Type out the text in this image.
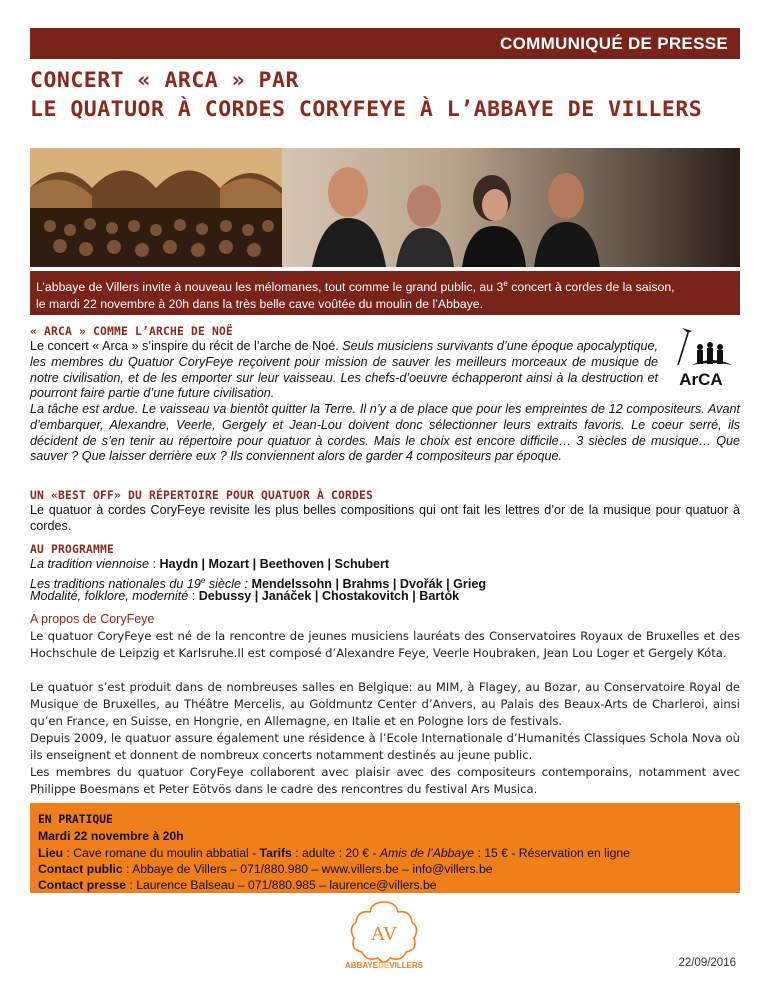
COMMUNIQUÉ DE PRESSE
CONCERT « ARCA » PAR
LE QUATUOR À CORDES CORYFEYE À L’ABBAYE DE VILLERS
L’abbaye de Villers invite à nouveau les mélomanes, tout comme le grand public, au 3e concert à cordes de la saison,
le mardi 22 novembre à 20h dans la très belle cave voûtée du moulin de l’Abbaye.
« ARCA » COMME L’ARCHE DE NOË
Le concert « Arca » s’inspire du récit de l’arche de Noé. Seuls musiciens survivants d’une époque apocalyptique, les membres du Quatuor CoryFeye reçoivent pour mission de sauver les meilleurs morceaux de musique de notre civilisation, et de les emporter sur leur vaisseau. Les chefs-d’oeuvre échapperont ainsi à la destruction et pourront faire partie d’une future civilisation.
La tâche est ardue. Le vaisseau va bientôt quitter la Terre. Il n’y a de place que pour les empreintes de 12 compositeurs. Avant d’embarquer, Alexandre, Veerle, Gergely et Jean-Lou doivent donc sélectionner leurs extraits favoris. Le coeur serré, ils décident de s’en tenir au répertoire pour quatuor à cordes. Mais le choix est encore difficile… 3 siècles de musique… Que sauver ? Que laisser derrière eux ? Ils conviennent alors de garder 4 compositeurs par époque.
ArCA
UN «BEST OFF» DU RÉPERTOIRE POUR QUATUOR À CORDES
Le quatuor à cordes CoryFeye revisite les plus belles compositions qui ont fait les lettres d’or de la musique pour quatuor à cordes.
AU PROGRAMME
La tradition viennoise : Haydn | Mozart | Beethoven | Schubert
Les traditions nationales du 19e siècle : Mendelssohn | Brahms | Dvořák | Grieg
Modalité, folklore, modernité : Debussy | Janáček | Chostakovitch | Bartók
A propos de CoryFeye
Le quatuor CoryFeye est né de la rencontre de jeunes musiciens lauréats des Conservatoires Royaux de Bruxelles et des Hochschule de Leipzig et Karlsruhe.Il est composé d’Alexandre Feye, Veerle Houbraken, Jean Lou Loger et Gergely Kóta.
Le quatuor s’est produit dans de nombreuses salles en Belgique: au MIM, à Flagey, au Bozar, au Conservatoire Royal de Musique de Bruxelles, au Théâtre Mercelis, au Goldmuntz Center d’Anvers, au Palais des Beaux-Arts de Charleroi, ainsi qu’en France, en Suisse, en Hongrie, en Allemagne, en Italie et en Pologne lors de festivals.
Depuis 2009, le quatuor assure également une résidence à l’Ecole Internationale d’Humanités Classiques Schola Nova où ils enseignent et donnent de nombreux concerts notamment destinés au jeune public.
Les membres du quatuor CoryFeye collaborent avec plaisir avec des compositeurs contemporains, notamment avec Philippe Boesmans et Peter Eötvös dans le cadre des rencontres du festival Ars Musica.
EN PRATIQUE
Mardi 22 novembre à 20h
Lieu : Cave romane du moulin abbatial - Tarifs : adulte : 20 € - Amis de l’Abbaye : 15 € - Réservation en ligne
Contact public : Abbaye de Villers – 071/880.980 – www.villers.be – info@villers.be
Contact presse : Laurence Balseau – 071/880.985 – laurence@villers.be
AV
ABBAYEDEVILLERS	22/09/2016
